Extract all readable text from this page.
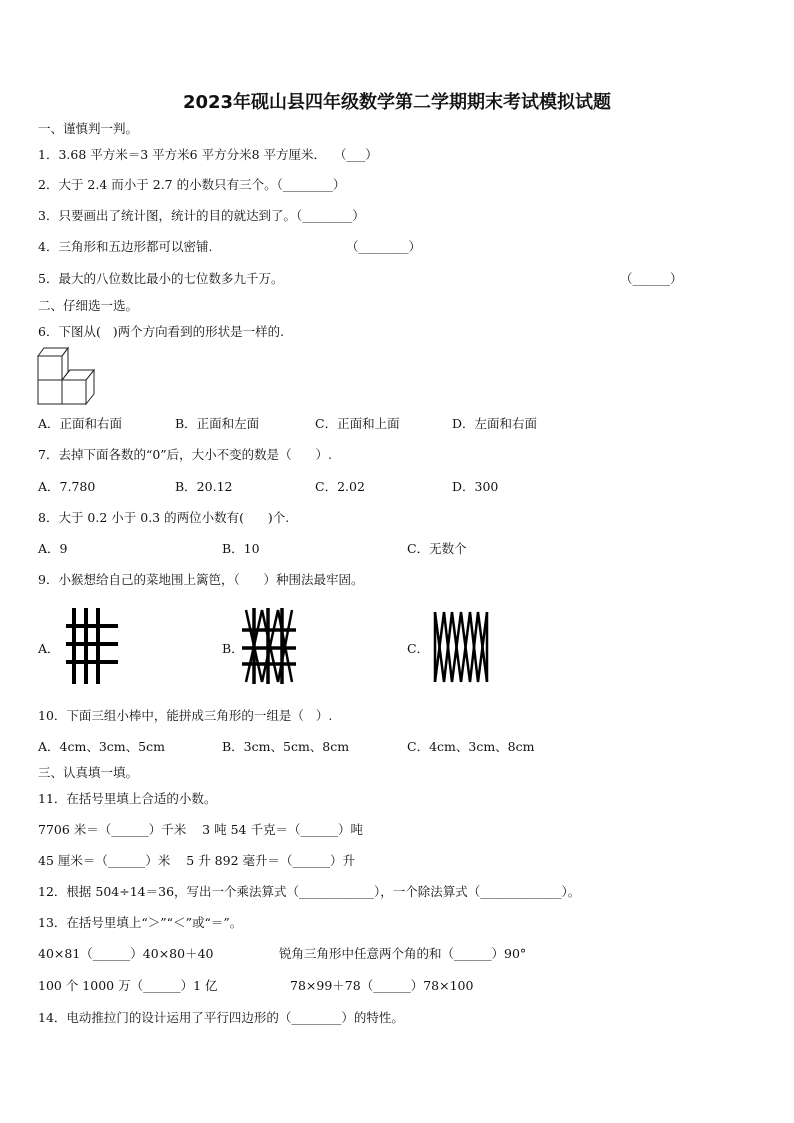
2023年砚山县四年级数学第二学期期末考试模拟试题
一、谨慎判一判。
1．3.68 平方米＝3 平方米6 平方分米8 平方厘米．  （___）
2．大于 2.4 而小于 2.7 的小数只有三个。（________）
3．只要画出了统计图，统计的目的就达到了。（________）
4．三角形和五边形都可以密铺.	（________）
5．最大的八位数比最小的七位数多九千万。	（______）
二、仔细选一选。
6．下图从(   )两个方向看到的形状是一样的.
A．正面和右面	B．正面和左面	C．正面和上面	D．左面和右面
7．去掉下面各数的“0”后，大小不变的数是（      ）.
A．7.780	B．20.12	C．2.02	D．300
8．大于 0.2 小于 0.3 的两位小数有(      )个.
A．9	B．10	C．无数个
9．小猴想给自己的菜地围上篱笆，（      ）种围法最牢固。
A．	B．	C．
10．下面三组小棒中，能拼成三角形的一组是（   ）.
A．4cm、3cm、5cm	B．3cm、5cm、8cm	C．4cm、3cm、8cm
三、认真填一填。
11．在括号里填上合适的小数。
7706 米＝（______）千米    3 吨 54 千克＝（______）吨
45 厘米＝（______）米    5 升 892 毫升＝（______）升
12．根据 504÷14＝36，写出一个乘法算式（____________），一个除法算式（_____________）。
13．在括号里填上“＞”“＜”或“＝”。
40×81（______）40×80＋40	锐角三角形中任意两个角的和（______）90°
100 个 1000 万（______）1 亿	78×99＋78（______）78×100
14．电动推拉门的设计运用了平行四边形的（________）的特性。
